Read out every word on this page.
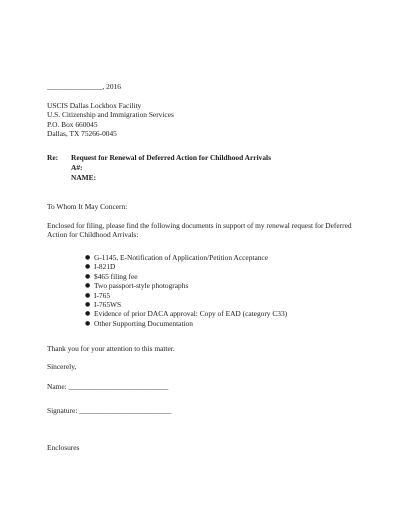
_______________, 2016
USCIS Dallas Lockbox Facility
U.S. Citizenship and Immigration Services
P.O. Box 660045
Dallas, TX 75266-0045
Re: Request for Renewal of Deferred Action for Childhood Arrivals
A#:
NAME:
To Whom It May Concern:
Enclosed for filing, please find the following documents in support of my renewal request for Deferred Action for Childhood Arrivals:
● G-1145, E-Notification of Application/Petition Acceptance
● I-821D
● $465 filing fee
● Two passport-style photographs
● I-765
● I-765WS
● Evidence of prior DACA approval: Copy of EAD (category C33)
● Other Supporting Documentation
Thank you for your attention to this matter.
Sincerely,
Name: ___________________________
Signature: _________________________
Enclosures
